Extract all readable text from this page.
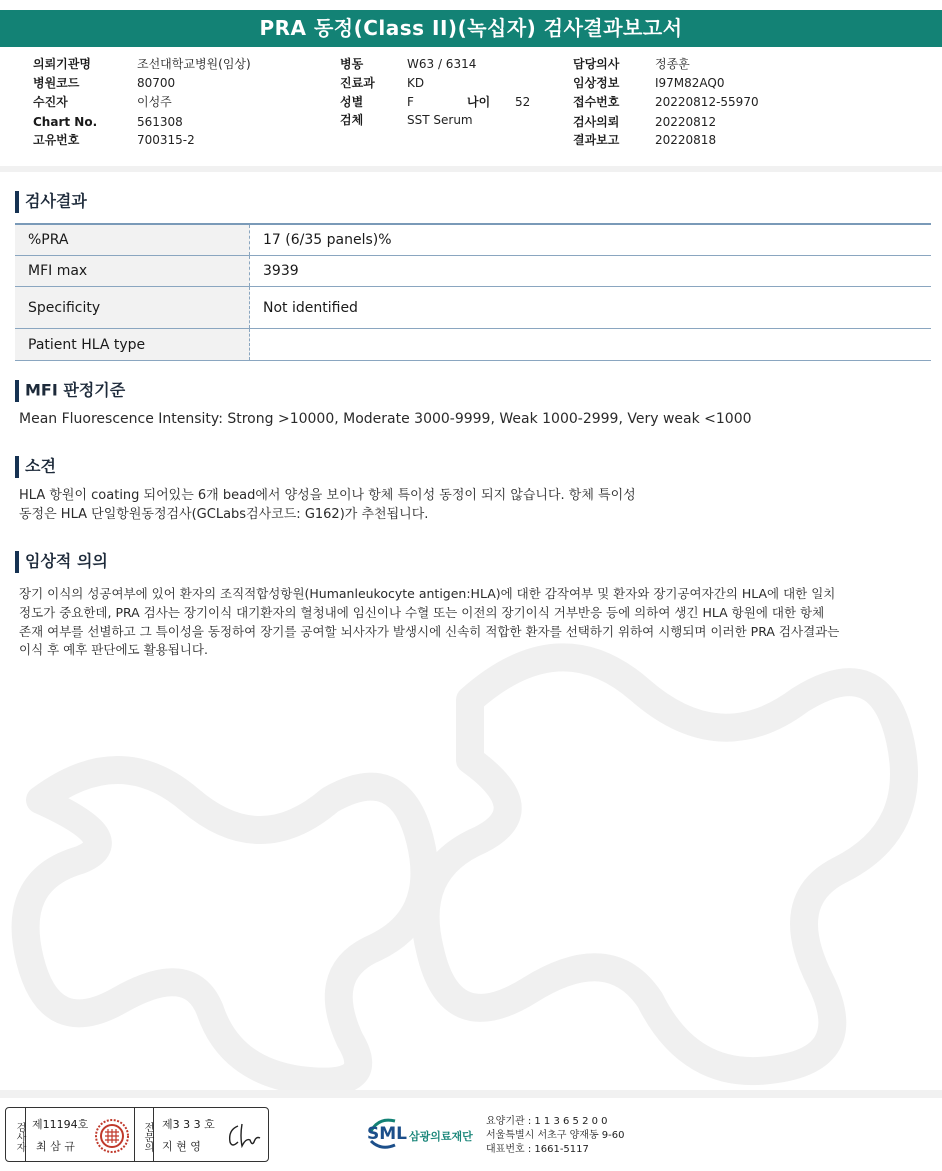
PRA 동정(Class II)(녹십자) 검사결과보고서
의뢰기관명	조선대학교병원(임상)
병원코드	80700
수진자	이성주
Chart No.	561308
고유번호	700315-2
병동	W63 / 6314
진료과	KD
성별	F	나이 52
검체	SST Serum
담당의사	정종훈
임상정보	I97M82AQ0
접수번호	20220812-55970
검사의뢰	20220812
결과보고	20220818
검사결과
%PRA	17 (6/35 panels)%
MFI max	3939
Specificity	Not identified
Patient HLA type
MFI 판정기준
Mean Fluorescence Intensity: Strong >10000, Moderate 3000-9999, Weak 1000-2999, Very weak <1000
소견
HLA 항원이 coating 되어있는 6개 bead에서 양성을 보이나 항체 특이성 동정이 되지 않습니다. 항체 특이성
동정은 HLA 단일항원동정검사(GCLabs검사코드: G162)가 추천됩니다.
임상적 의의
장기 이식의 성공여부에 있어 환자의 조직적합성항원(Humanleukocyte antigen:HLA)에 대한 감작여부 및 환자와 장기공여자간의 HLA에 대한 일치
정도가 중요한데, PRA 검사는 장기이식 대기환자의 혈청내에 임신이나 수혈 또는 이전의 장기이식 거부반응 등에 의하여 생긴 HLA 항원에 대한 항체
존재 여부를 선별하고 그 특이성을 동정하여 장기를 공여할 뇌사자가 발생시에 신속히 적합한 환자를 선택하기 위하여 시행되며 이러한 PRA 검사결과는
이식 후 예후 판단에도 활용됩니다.
검사자 제11194호
최 삼 규	전문의 제3 3 3 호
지 현 영
SML 삼광의료재단
요양기관 : 1 1 3 6 5 2 0 0
서울특별시 서초구 양재동 9-60
대표번호 : 1661-5117
